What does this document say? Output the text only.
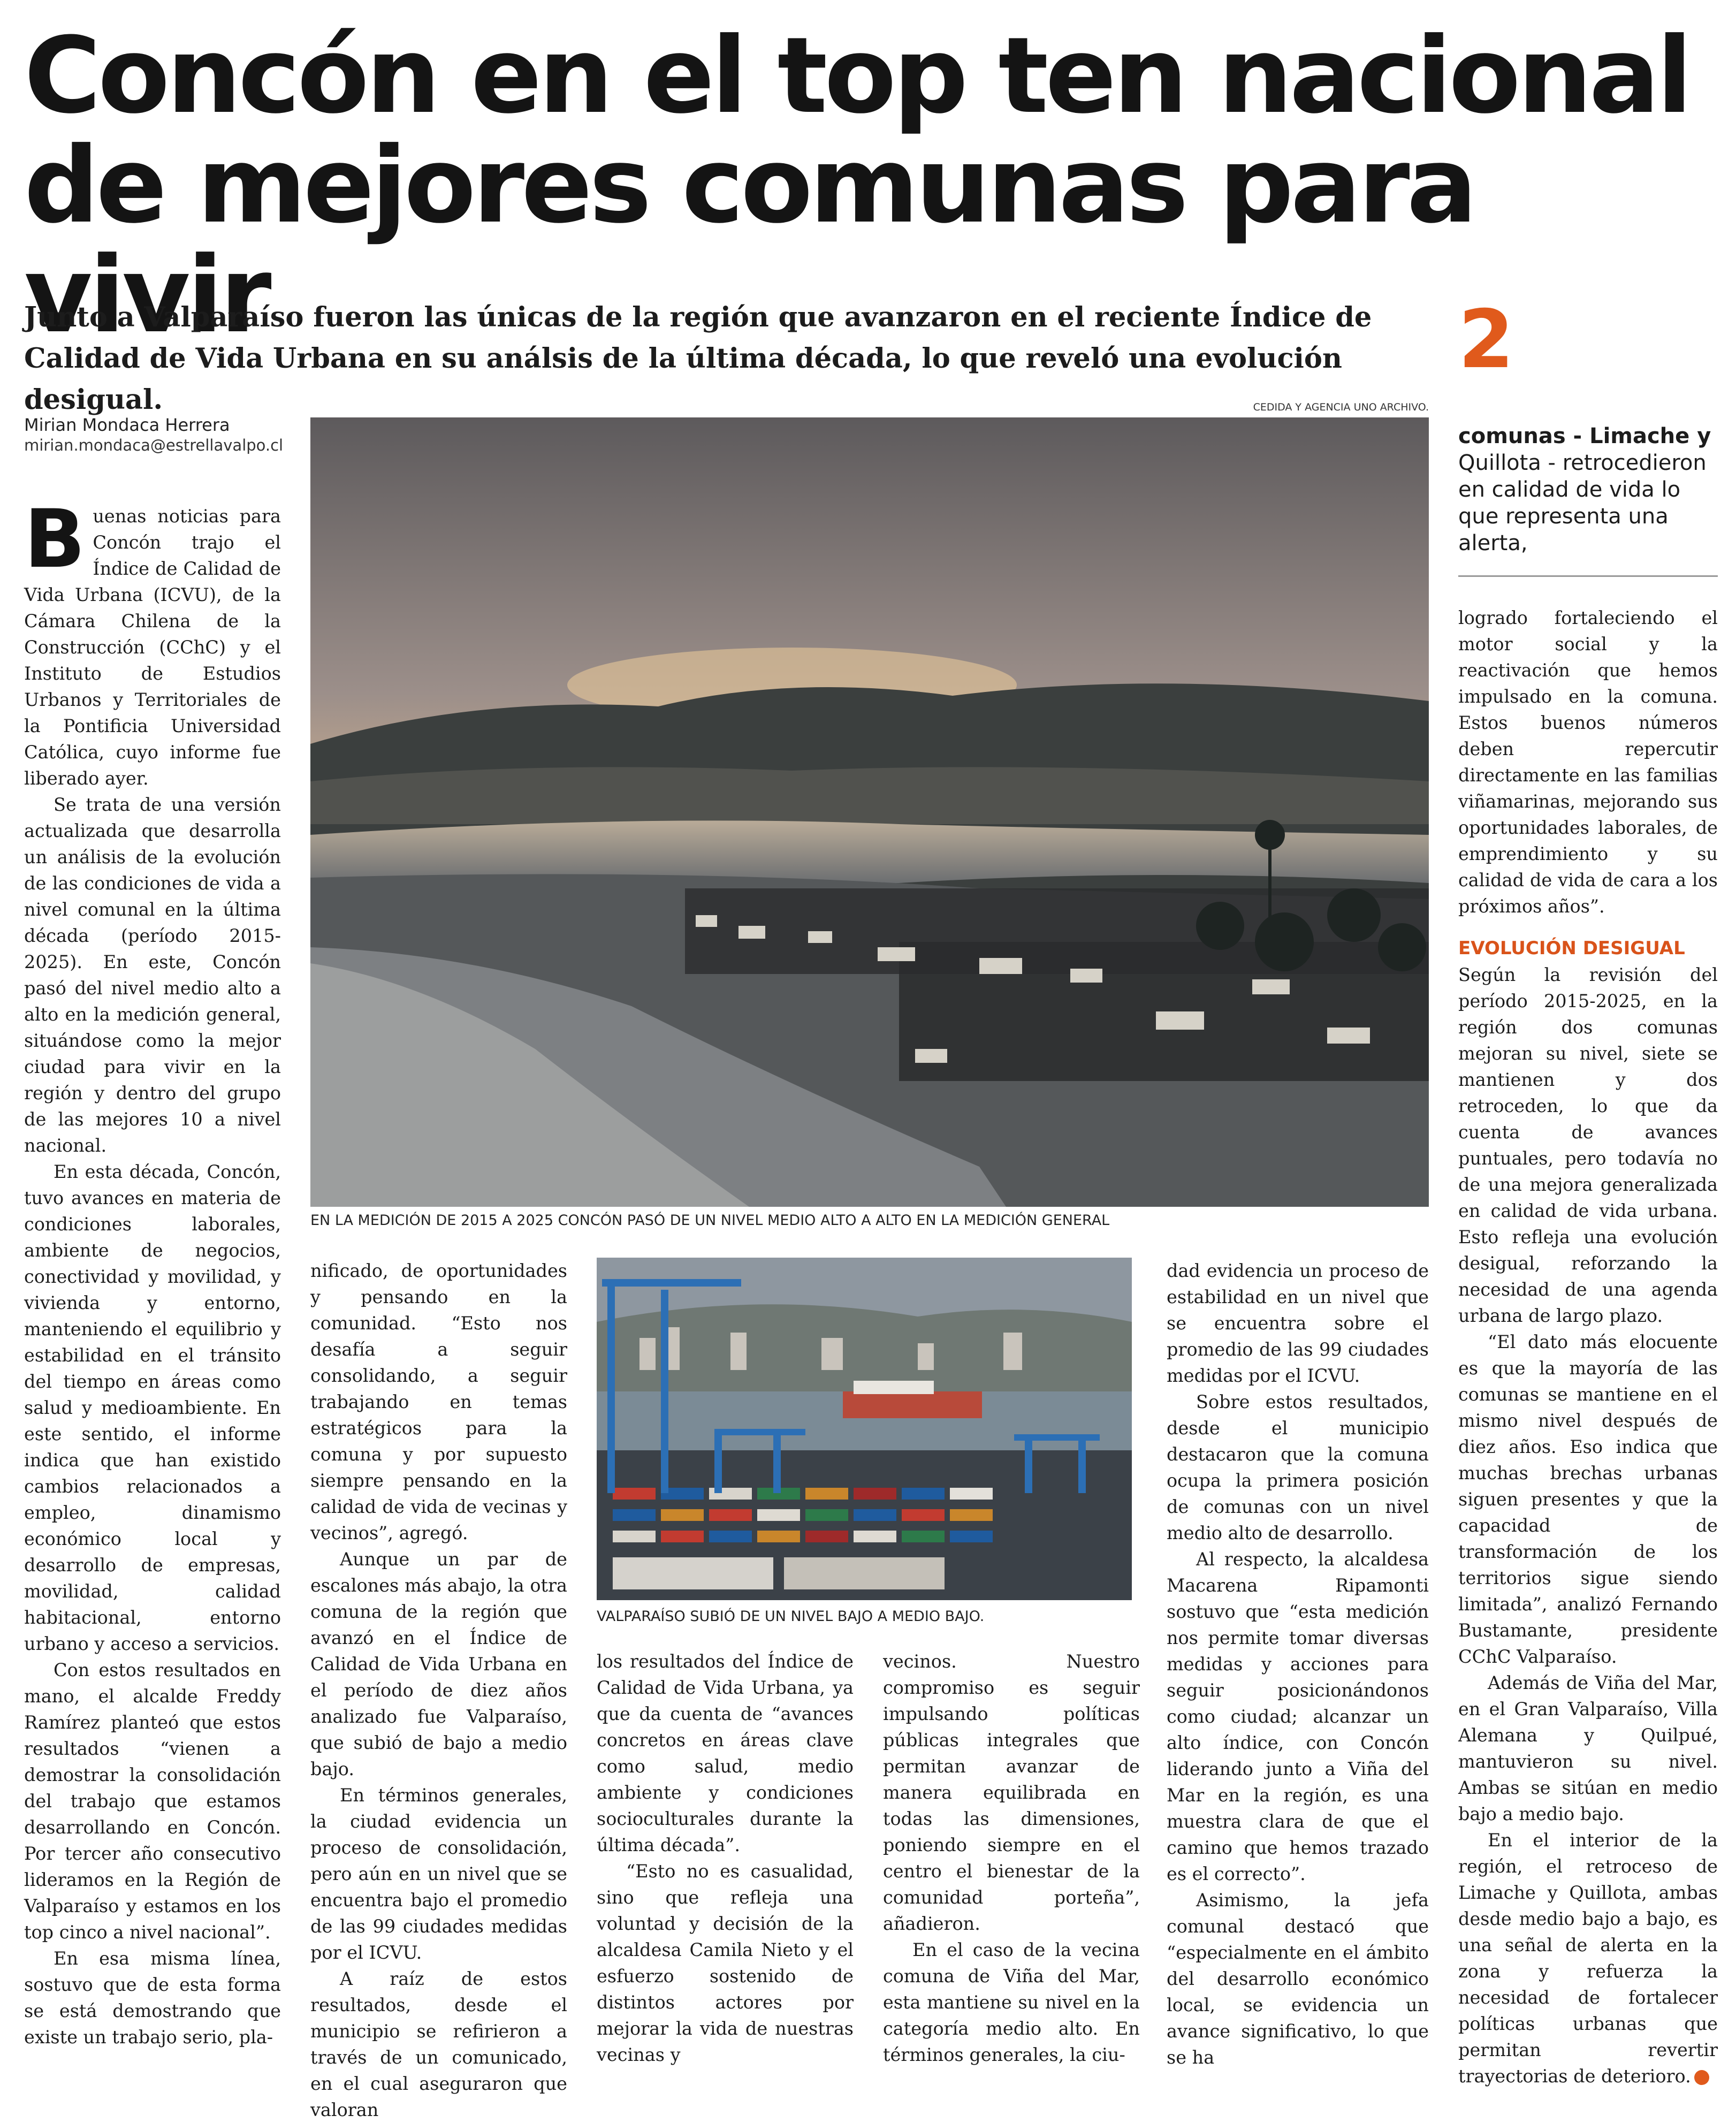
Concón en el top ten nacional
de mejores comunas para vivir
Junto a Valparaíso fueron las únicas de la región que avanzaron en el reciente Índice de Calidad de Vida Urbana en su análsis de la última década, lo que reveló una evolución desigual.
Mirian Mondaca Herrera
mirian.mondaca@estrellavalpo.cl
CEDIDA Y AGENCIA UNO ARCHIVO.
EN LA MEDICIÓN DE 2015 A 2025 CONCÓN PASÓ DE UN NIVEL MEDIO ALTO A ALTO EN LA MEDICIÓN GENERAL
VALPARAÍSO SUBIÓ DE UN NIVEL BAJO A MEDIO BAJO.

Buenas noticias para Concón trajo el Índice de Calidad de Vida Urbana (ICVU), de la Cámara Chilena de la Construcción (CChC) y el Instituto de Estudios Urbanos y Territoriales de la Pontificia Universidad Católica, cuyo informe fue liberado ayer.

Se trata de una versión actualizada que desarrolla un análisis de la evolución de las condiciones de vida a nivel comunal en la última década (período 2015-2025). En este, Concón pasó del nivel medio alto a alto en la medición general, situándose como la mejor ciudad para vivir en la región y dentro del grupo de las mejores 10 a nivel nacional.

En esta década, Concón, tuvo avances en materia de condiciones laborales, ambiente de negocios, conectividad y movilidad, y vivienda y entorno, manteniendo el equilibrio y estabilidad en el tránsito del tiempo en áreas como salud y medioambiente. En este sentido, el informe indica que han existido cambios relacionados a empleo, dinamismo económico local y desarrollo de empresas, movilidad, calidad habitacional, entorno urbano y acceso a servicios.

Con estos resultados en mano, el alcalde Freddy Ramírez planteó que estos resultados “vienen a demostrar la consolidación del trabajo que estamos desarrollando en Concón. Por tercer año consecutivo lideramos en la Región de Valparaíso y estamos en los top cinco a nivel nacional”.

En esa misma línea, sostuvo que de esta forma se está demostrando que existe un trabajo serio, pla-

nificado, de oportunidades y pensando en la comunidad. “Esto nos desafía a seguir consolidando, a seguir trabajando en temas estratégicos para la comuna y por supuesto siempre pensando en la calidad de vida de vecinas y vecinos”, agregó.

Aunque un par de escalones más abajo, la otra comuna de la región que avanzó en el Índice de Calidad de Vida Urbana en el período de diez años analizado fue Valparaíso, que subió de bajo a medio bajo.

En términos generales, la ciudad evidencia un proceso de consolidación, pero aún en un nivel que se encuentra bajo el promedio de las 99 ciudades medidas por el ICVU.

A raíz de estos resultados, desde el municipio se refirieron a través de un comunicado, en el cual aseguraron que valoran

los resultados del Índice de Calidad de Vida Urbana, ya que da cuenta de “avances concretos en áreas clave como salud, medio ambiente y condiciones socioculturales durante la última década”.

“Esto no es casualidad, sino que refleja una voluntad y decisión de la alcaldesa Camila Nieto y el esfuerzo sostenido de distintos actores por mejorar la vida de nuestras vecinas y

vecinos. Nuestro compromiso es seguir impulsando políticas públicas integrales que permitan avanzar de manera equilibrada en todas las dimensiones, poniendo siempre en el centro el bienestar de la comunidad porteña”, añadieron.

En el caso de la vecina comuna de Viña del Mar, esta mantiene su nivel en la categoría medio alto. En términos generales, la ciu-

dad evidencia un proceso de estabilidad en un nivel que se encuentra sobre el promedio de las 99 ciudades medidas por el ICVU.

Sobre estos resultados, desde el municipio destacaron que la comuna ocupa la primera posición de comunas con un nivel medio alto de desarrollo.

Al respecto, la alcaldesa Macarena Ripamonti sostuvo que “esta medición nos permite tomar diversas medidas y acciones para seguir posicionándonos como ciudad; alcanzar un alto índice, con Concón liderando junto a Viña del Mar en la región, es una muestra clara de que el camino que hemos trazado es el correcto”.

Asimismo, la jefa comunal destacó que “especialmente en el ámbito del desarrollo económico local, se evidencia un avance significativo, lo que se ha

2
comunas - Limache y
Quillota - retrocedieron en calidad de vida lo que representa una alerta,

logrado fortaleciendo el motor social y la reactivación que hemos impulsado en la comuna. Estos buenos números deben repercutir directamente en las familias viñamarinas, mejorando sus oportunidades laborales, de emprendimiento y su calidad de vida de cara a los próximos años”.

EVOLUCIÓN DESIGUAL

Según la revisión del período 2015-2025, en la región dos comunas mejoran su nivel, siete se mantienen y dos retroceden, lo que da cuenta de avances puntuales, pero todavía no de una mejora generalizada en calidad de vida urbana. Esto refleja una evolución desigual, reforzando la necesidad de una agenda urbana de largo plazo.

“El dato más elocuente es que la mayoría de las comunas se mantiene en el mismo nivel después de diez años. Eso indica que muchas brechas urbanas siguen presentes y que la capacidad de transformación de los territorios sigue siendo limitada”, analizó Fernando Bustamante, presidente CChC Valparaíso.

Además de Viña del Mar, en el Gran Valparaíso, Villa Alemana y Quilpué, mantuvieron su nivel. Ambas se sitúan en medio bajo a medio bajo.

En el interior de la región, el retroceso de Limache y Quillota, ambas desde medio bajo a bajo, es una señal de alerta en la zona y refuerza la necesidad de fortalecer políticas urbanas que permitan revertir trayectorias de deterioro.
